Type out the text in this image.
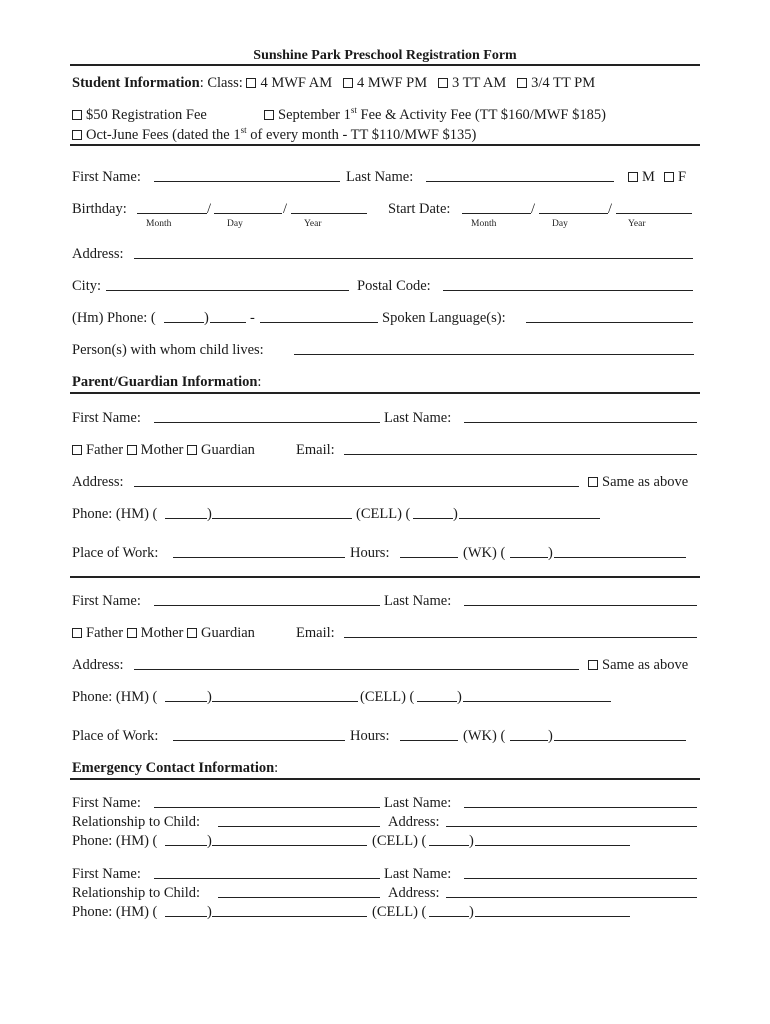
Sunshine Park Preschool Registration Form
Student Information: Class: 4 MWF AM 4 MWF PM 3 TT AM 3/4 TT PM
$50 Registration Fee	September 1st Fee & Activity Fee (TT $160/MWF $185)
Oct-June Fees (dated the 1st of every month - TT $110/MWF $135)
First Name:	Last Name:	M	F
Birthday:	/	/
Month	Day	Year
Start Date:	/	/
Month	Day	Year
Address:
City:	Postal Code:
(Hm) Phone: (	)	-	Spoken Language(s):
Person(s) with whom child lives:
Parent/Guardian Information:
First Name:	Last Name:
Father Mother Guardian	Email:
Address:	Same as above
Phone: (HM) (	)	(CELL) (	)
Place of Work:	Hours:	(WK) (	)
First Name:	Last Name:
Father Mother Guardian	Email:
Address:	Same as above
Phone: (HM) (	)	(CELL) (	)
Place of Work:	Hours:	(WK) (	)
Emergency Contact Information:
First Name:	Last Name:
Relationship to Child:	Address:
Phone: (HM) (	)	(CELL) (	)
First Name:	Last Name:
Relationship to Child:	Address:
Phone: (HM) (	)	(CELL) (	)
